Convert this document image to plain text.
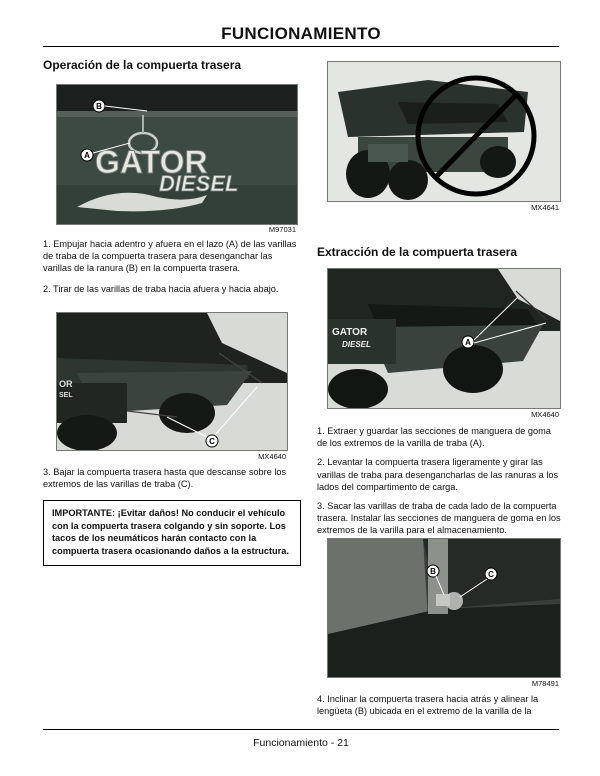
FUNCIONAMIENTO

Operación de la compuerta trasera

GATOR
DIESEL
B
A
M97031

1. Empujar hacia adentro y afuera en el lazo (A) de las varillas de traba de la compuerta trasera para desenganchar las varillas de la ranura (B) en la compuerta trasera.

2. Tirar de las varillas de traba hacia afuera y hacia abajo.

OR
SEL
C
MX4640

3. Bajar la compuerta trasera hasta que descanse sobre los extremos de las varillas de traba (C).

IMPORTANTE: ¡Evitar daños! No conducir el vehículo con la compuerta trasera colgando y sin soporte. Los tacos de los neumáticos harán contacto con la compuerta trasera ocasionando daños a la estructura.

MX4641

Extracción de la compuerta trasera

GATOR
DIESEL	A
MX4640

1. Extraer y guardar las secciones de manguera de goma de los extremos de la varilla de traba (A).

2. Levantar la compuerta trasera ligeramente y girar las varillas de traba para desengancharlas de las ranuras a los lados del compartimento de carga.

3. Sacar las varillas de traba de cada lado de la compuerta trasera. Instalar las secciones de manguera de goma en los extremos de la varilla para el almacenamiento.

B	C
M78491

4. Inclinar la compuerta trasera hacia atrás y alinear la lengüeta (B) ubicada en el extremo de la varilla de la

Funcionamiento - 21
